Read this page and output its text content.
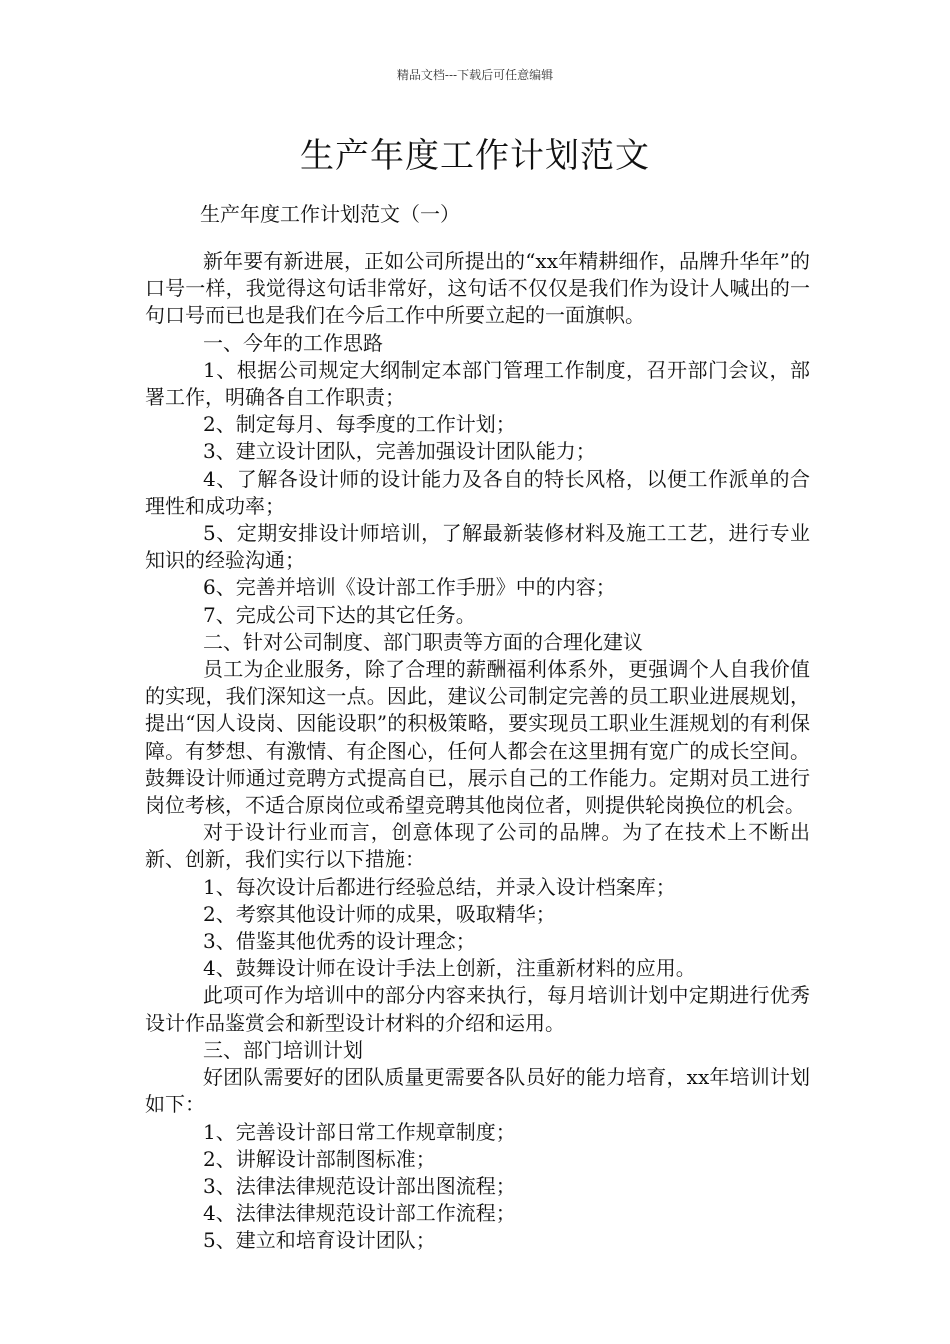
精品文档---下载后可任意编辑
生产年度工作计划范文
生产年度工作计划范文（一）

新年要有新进展，正如公司所提出的“xx年精耕细作，品牌升华年”的口号一样，我觉得这句话非常好，这句话不仅仅是我们作为设计人喊出的一句口号而已也是我们在今后工作中所要立起的一面旗帜。

一、今年的工作思路

1、根据公司规定大纲制定本部门管理工作制度，召开部门会议，部署工作，明确各自工作职责；

2、制定每月、每季度的工作计划；

3、建立设计团队，完善加强设计团队能力；

4、了解各设计师的设计能力及各自的特长风格，以便工作派单的合理性和成功率；

5、定期安排设计师培训，了解最新装修材料及施工工艺，进行专业知识的经验沟通；

6、完善并培训《设计部工作手册》中的内容；

7、完成公司下达的其它任务。

二、针对公司制度、部门职责等方面的合理化建议

员工为企业服务，除了合理的薪酬福利体系外，更强调个人自我价值的实现，我们深知这一点。因此，建议公司制定完善的员工职业进展规划，提出“因人设岗、因能设职”的积极策略，要实现员工职业生涯规划的有利保障。有梦想、有激情、有企图心，任何人都会在这里拥有宽广的成长空间。鼓舞设计师通过竞聘方式提高自已，展示自己的工作能力。定期对员工进行岗位考核，不适合原岗位或希望竞聘其他岗位者，则提供轮岗换位的机会。

对于设计行业而言，创意体现了公司的品牌。为了在技术上不断出新、创新，我们实行以下措施：

1、每次设计后都进行经验总结，并录入设计档案库；

2、考察其他设计师的成果，吸取精华；

3、借鉴其他优秀的设计理念；

4、鼓舞设计师在设计手法上创新，注重新材料的应用。

此项可作为培训中的部分内容来执行，每月培训计划中定期进行优秀设计作品鉴赏会和新型设计材料的介绍和运用。

三、部门培训计划

好团队需要好的团队质量更需要各队员好的能力培育，xx年培训计划如下：

1、完善设计部日常工作规章制度；

2、讲解设计部制图标准；

3、法律法律规范设计部出图流程；

4、法律法律规范设计部工作流程；

5、建立和培育设计团队；
